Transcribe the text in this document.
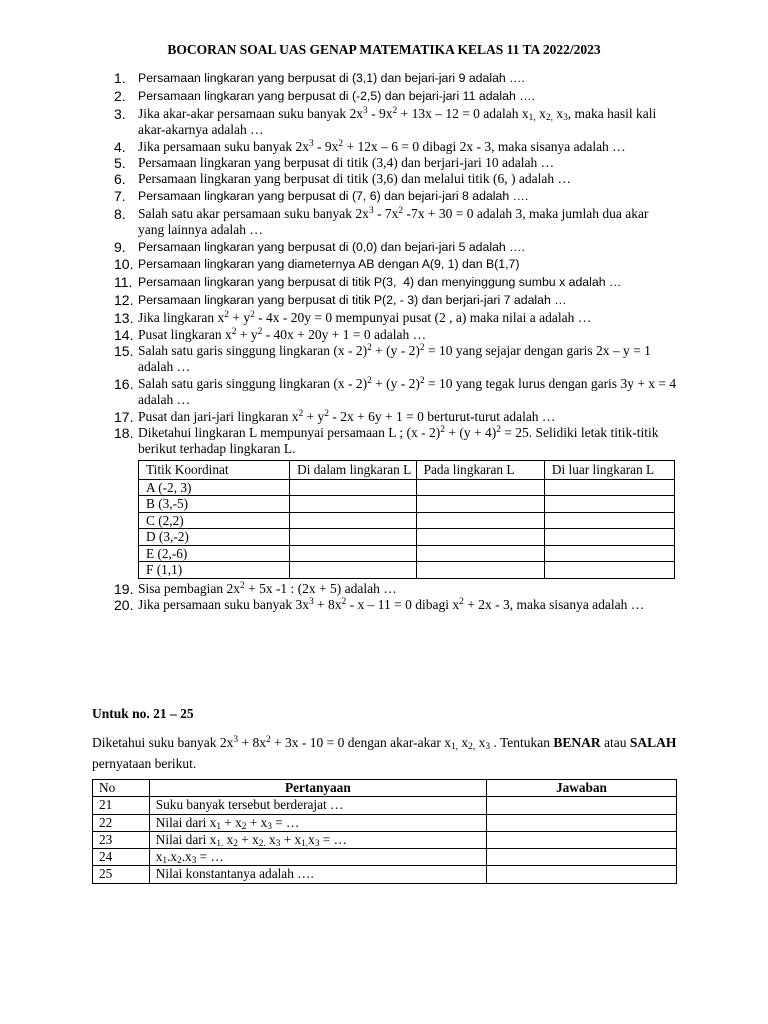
BOCORAN SOAL UAS GENAP MATEMATIKA KELAS 11 TA 2022/2023
1. Persamaan lingkaran yang berpusat di (3,1) dan bejari-jari 9 adalah ….
2. Persamaan lingkaran yang berpusat di (-2,5) dan bejari-jari 11 adalah ….
3. Jika akar-akar persamaan suku banyak $2x^3 - 9x^2 + 13x - 12 = 0$ adalah $x_{1,}$ $x_{2,}$ $x_3$, maka hasil kali akar-akarnya adalah …
4. Jika persamaan suku banyak $2x^3 - 9x^2 + 12x - 6 = 0$ dibagi 2x - 3, maka sisanya adalah …
5. Persamaan lingkaran yang berpusat di titik (3,4) dan berjari-jari 10 adalah …
6. Persamaan lingkaran yang berpusat di titik (3,6) dan melalui titik (6, ) adalah …
7. Persamaan lingkaran yang berpusat di (7, 6) dan bejari-jari 8 adalah ….
8. Salah satu akar persamaan suku banyak $2x^3 - 7x^2$ -7x + 30 = 0 adalah 3, maka jumlah dua akar yang lainnya adalah …
9. Persamaan lingkaran yang berpusat di (0,0) dan bejari-jari 5 adalah ….
10. Persamaan lingkaran yang diameternya AB dengan A(9, 1) dan B(1,7)
11. Persamaan lingkaran yang berpusat di titik P(3,  4) dan menyinggung sumbu x adalah …
12. Persamaan lingkaran yang berpusat di titik P(2, - 3) dan berjari-jari 7 adalah …
13. Jika lingkaran $x^2 + y^2 - 4x - 20y = 0$ mempunyai pusat (2 , a) maka nilai a adalah …
14. Pusat lingkaran $x^2 + y^2 - 40x + 20y + 1 = 0$ adalah …
15. Salah satu garis singgung lingkaran (x - 2)$^2$ + (y - 2)$^2$ = 10 yang sejajar dengan garis 2x – y = 1 adalah …
16. Salah satu garis singgung lingkaran (x - 2)$^2$ + (y - 2)$^2$ = 10 yang tegak lurus dengan garis 3y + x = 4 adalah …
17. Pusat dan jari-jari lingkaran $x^2 + y^2 - 2x + 6y + 1 = 0$ berturut-turut adalah …
18. Diketahui lingkaran L mempunyai persamaan L ; $(x - 2)^2 + (y + 4)^2 = 25$. Selidiki letak titik-titik berikut terhadap lingkaran L.
Titik Koordinat	Di dalam lingkaran L	Pada lingkaran L	Di luar lingkaran L
A (-2, 3)			
B (3,-5)			
C (2,2)			
D (3,-2)			
E (2,-6)			
F (1,1)			
19. Sisa pembagian $2x^2 + 5x$ -1 : (2x + 5) adalah …
20. Jika persamaan suku banyak $3x^3 + 8x^2 - x - 11 = 0$ dibagi $x^2 + 2x - 3$, maka sisanya adalah …
Untuk no. 21 – 25
Diketahui suku banyak $2x^3 + 8x^2 + 3x - 10 = 0$ dengan akar-akar $x_{1,}$ $x_{2,}$ $x_3$ . Tentukan BENAR atau SALAH pernyataan berikut.
No	Pertanyaan	Jawaban
21	Suku banyak tersebut berderajat …	
22	Nilai dari $x_1 + x_2 + x_3$ = …	
23	Nilai dari $x_{1.}$ $x_2 + x_{2.}$ $x_3 + x_{1.}x_3$ = …	
24	$x_1.x_2.x_3$ = …	
25	Nilai konstantanya adalah ….	
